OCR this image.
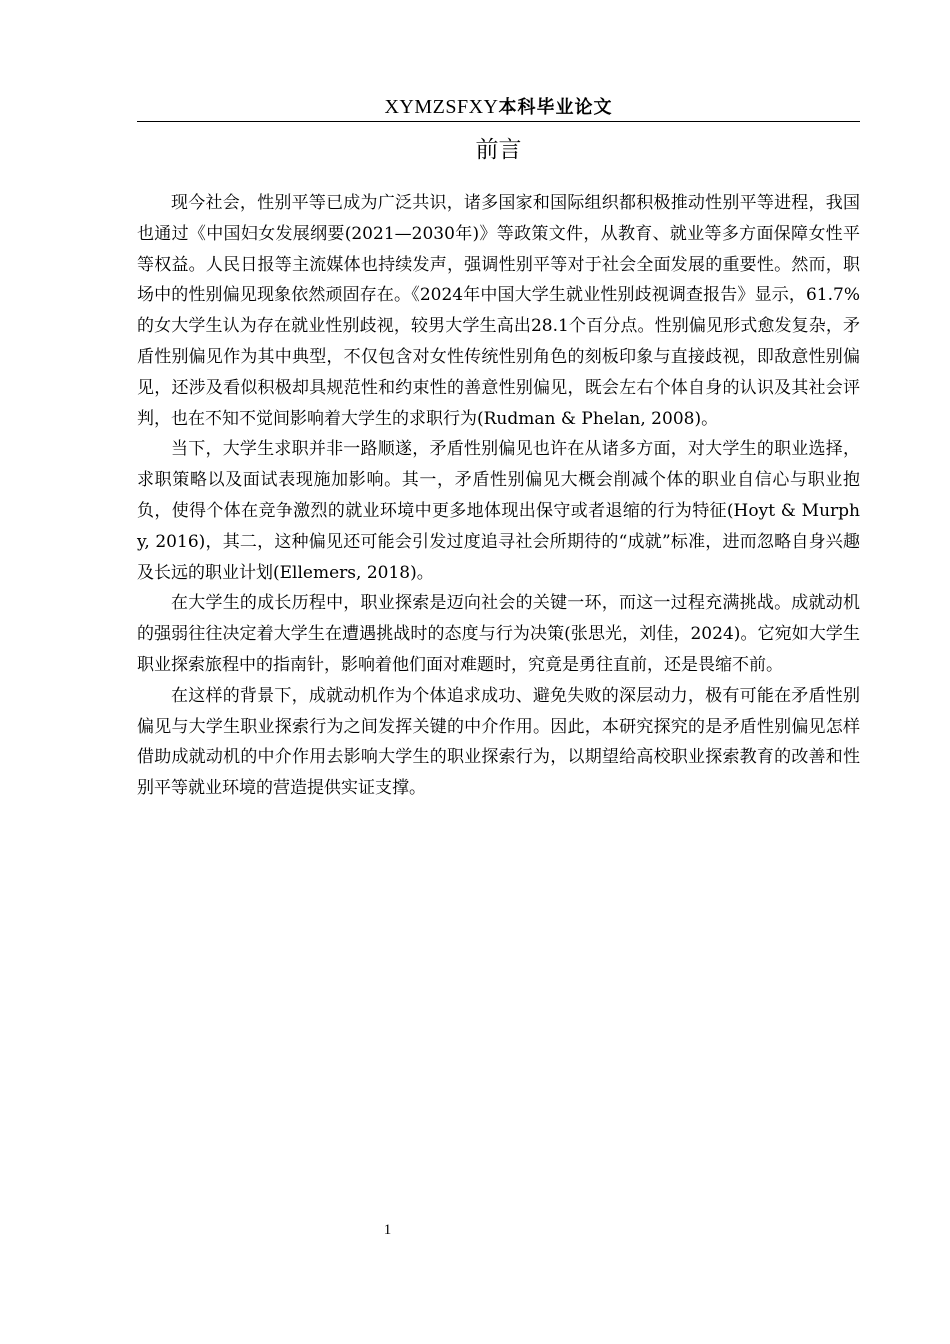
XYMZSFXY本科毕业论文
前言

现今社会，性别平等已成为广泛共识，诸多国家和国际组织都积极推动性别平等进程，我国也通过《中国妇女发展纲要(2021—2030年)》等政策文件，从教育、就业等多方面保障女性平等权益。人民日报等主流媒体也持续发声，强调性别平等对于社会全面发展的重要性。然而，职场中的性别偏见现象依然顽固存在。《2024年中国大学生就业性别歧视调查报告》显示，61.7%的女大学生认为存在就业性别歧视，较男大学生高出28.1个百分点。性别偏见形式愈发复杂，矛盾性别偏见作为其中典型，不仅包含对女性传统性别角色的刻板印象与直接歧视，即敌意性别偏见，还涉及看似积极却具规范性和约束性的善意性别偏见，既会左右个体自身的认识及其社会评判，也在不知不觉间影响着大学生的求职行为(Rudman & Phelan, 2008)。

当下，大学生求职并非一路顺遂，矛盾性别偏见也许在从诸多方面，对大学生的职业选择，求职策略以及面试表现施加影响。其一，矛盾性别偏见大概会削减个体的职业自信心与职业抱负，使得个体在竞争激烈的就业环境中更多地体现出保守或者退缩的行为特征(Hoyt & Murphy, 2016)，其二，这种偏见还可能会引发过度追寻社会所期待的“成就”标准，进而忽略自身兴趣及长远的职业计划(Ellemers, 2018)。

在大学生的成长历程中，职业探索是迈向社会的关键一环，而这一过程充满挑战。成就动机的强弱往往决定着大学生在遭遇挑战时的态度与行为决策(张思光，刘佳，2024)。它宛如大学生职业探索旅程中的指南针，影响着他们面对难题时，究竟是勇往直前，还是畏缩不前。

在这样的背景下，成就动机作为个体追求成功、避免失败的深层动力，极有可能在矛盾性别偏见与大学生职业探索行为之间发挥关键的中介作用。因此，本研究探究的是矛盾性别偏见怎样借助成就动机的中介作用去影响大学生的职业探索行为，以期望给高校职业探索教育的改善和性别平等就业环境的营造提供实证支撑。

1
